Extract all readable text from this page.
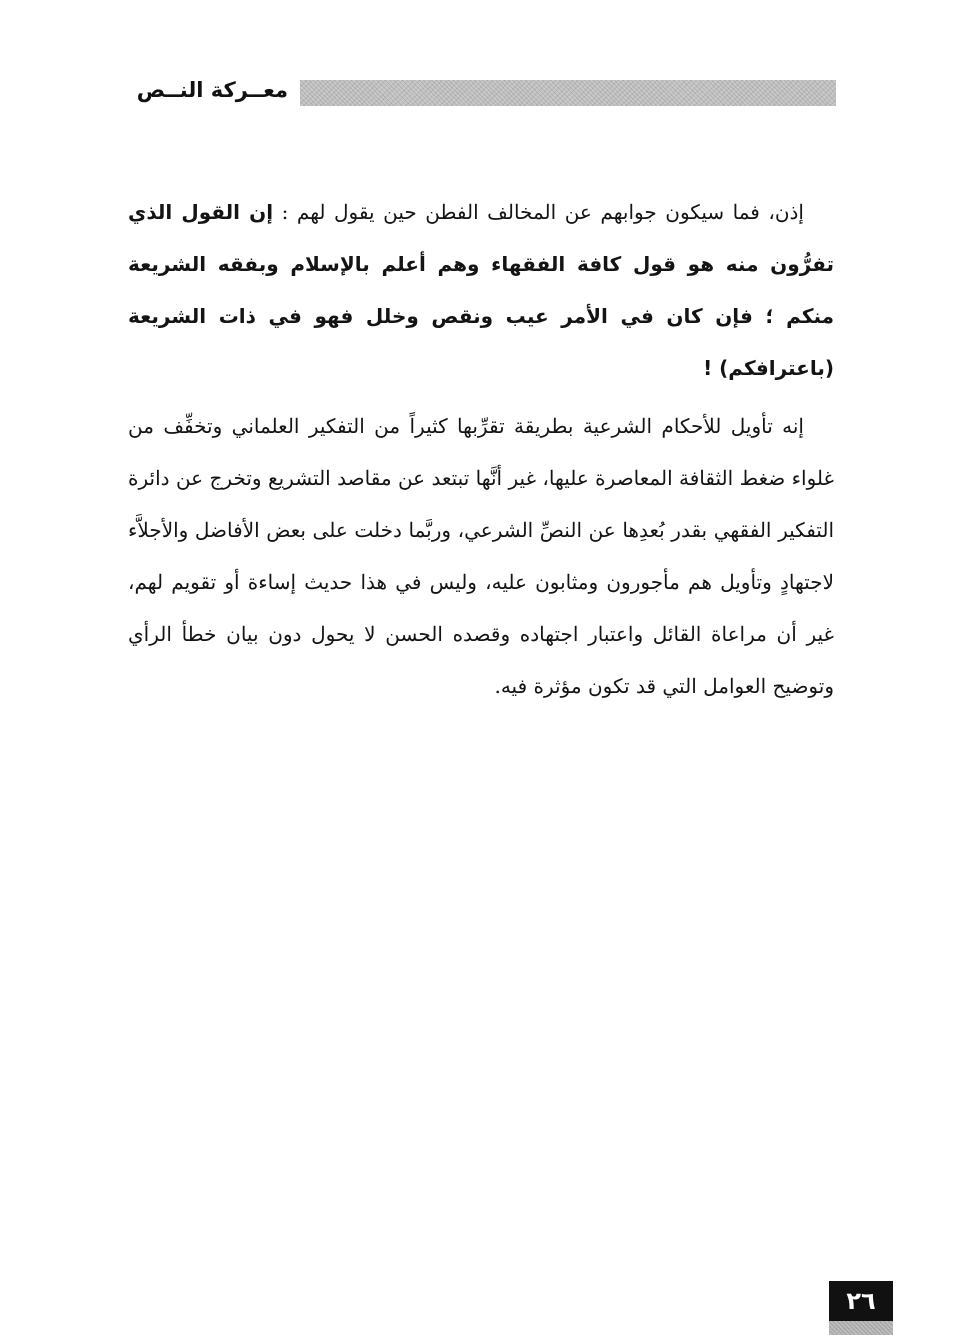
معــركة النــص

إذن، فما سيكون جوابهم عن المخالف الفطن حين يقول لهم : إن القول الذي تفرُّون منه هو قول كافة الفقهاء وهم أعلم بالإسلام وبفقه الشريعة منكم ؛ فإن كان في الأمر عيب ونقص وخلل فهو في ذات الشريعة (باعترافكم) !

إنه تأويل للأحكام الشرعية بطريقة تقرِّبها كثيراً من التفكير العلماني وتخفِّف من غلواء ضغط الثقافة المعاصرة عليها، غير أنَّها تبتعد عن مقاصد التشريع وتخرج عن دائرة التفكير الفقهي بقدر بُعدِها عن النصِّ الشرعي، وربَّما دخلت على بعض الأفاضل والأجلاَّء لاجتهادٍ وتأويل هم مأجورون ومثابون عليه، وليس في هذا حديث إساءة أو تقويم لهم، غير أن مراعاة القائل واعتبار اجتهاده وقصده الحسن لا يحول دون بيان خطأ الرأي وتوضيح العوامل التي قد تكون مؤثرة فيه.

٢٦
